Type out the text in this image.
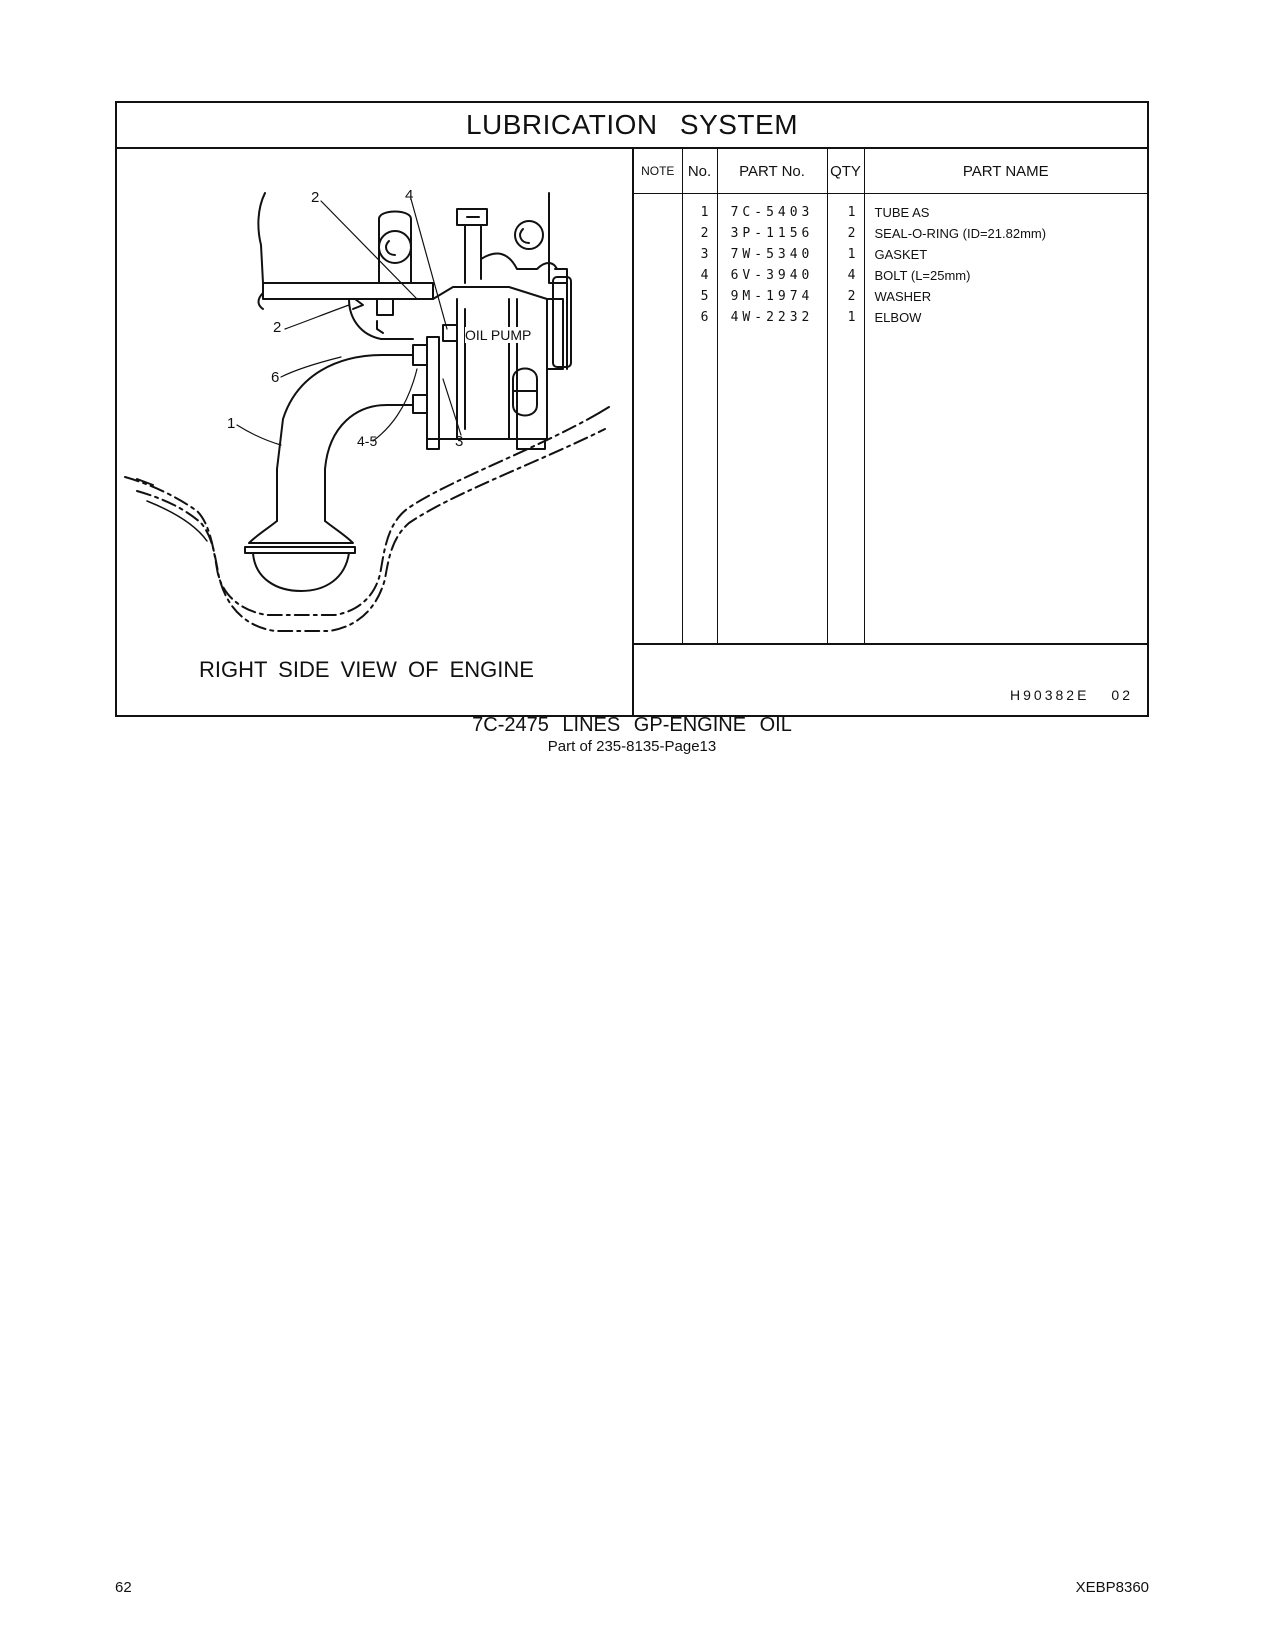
LUBRICATION SYSTEM
2	4
2
6
1
4-5	3
OIL PUMP
RIGHT SIDE VIEW OF ENGINE
NOTE	No.	PART No.	QTY	PART NAME
	1	7C-5403	1	TUBE AS
	2	3P-1156	2	SEAL-O-RING (ID=21.82mm)
	3	7W-5340	1	GASKET
	4	6V-3940	4	BOLT (L=25mm)
	5	9M-1974	2	WASHER
	6	4W-2232	1	ELBOW

H90382E 02
7C-2475 LINES GP-ENGINE OIL
Part of 235-8135-Page13
62	XEBP8360
